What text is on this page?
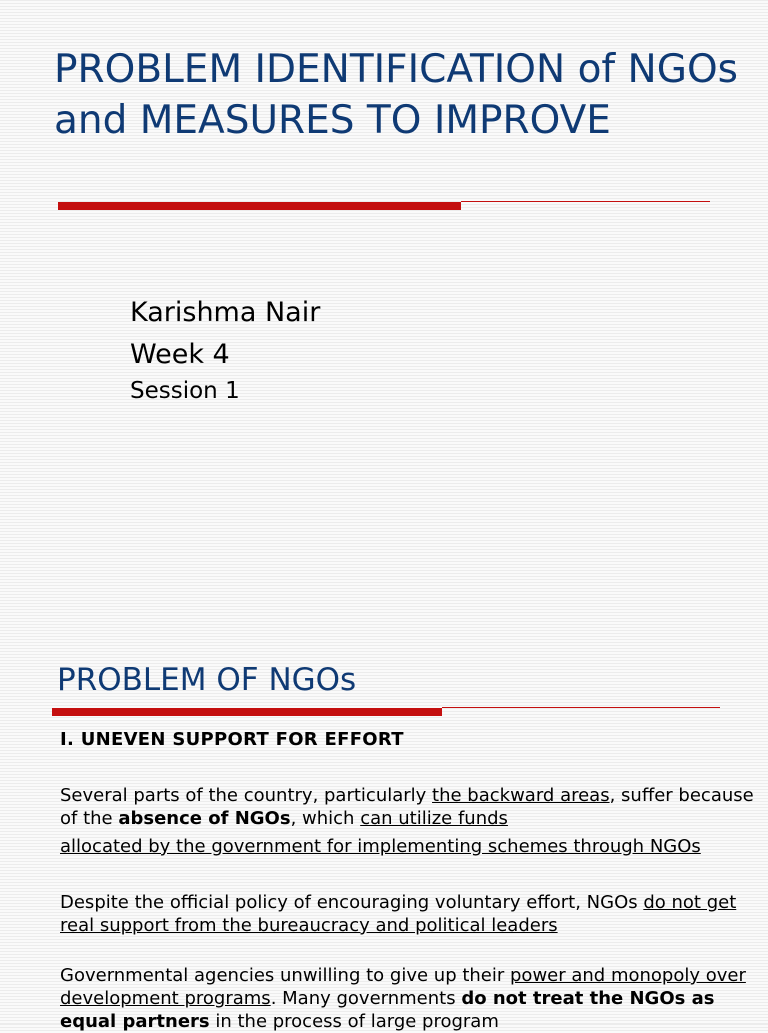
PROBLEM IDENTIFICATION of NGOs and MEASURES TO IMPROVE
Karishma Nair
Week 4
Session 1
PROBLEM OF NGOs
I. UNEVEN SUPPORT FOR EFFORT
Several parts of the country, particularly the backward areas, suffer because of the absence of NGOs, which can utilize funds
allocated by the government for implementing schemes through NGOs
Despite the official policy of encouraging voluntary effort, NGOs do not get real support from the bureaucracy and political leaders
Governmental agencies unwilling to give up their power and monopoly over development programs. Many governments do not treat the NGOs as equal partners in the process of large program
